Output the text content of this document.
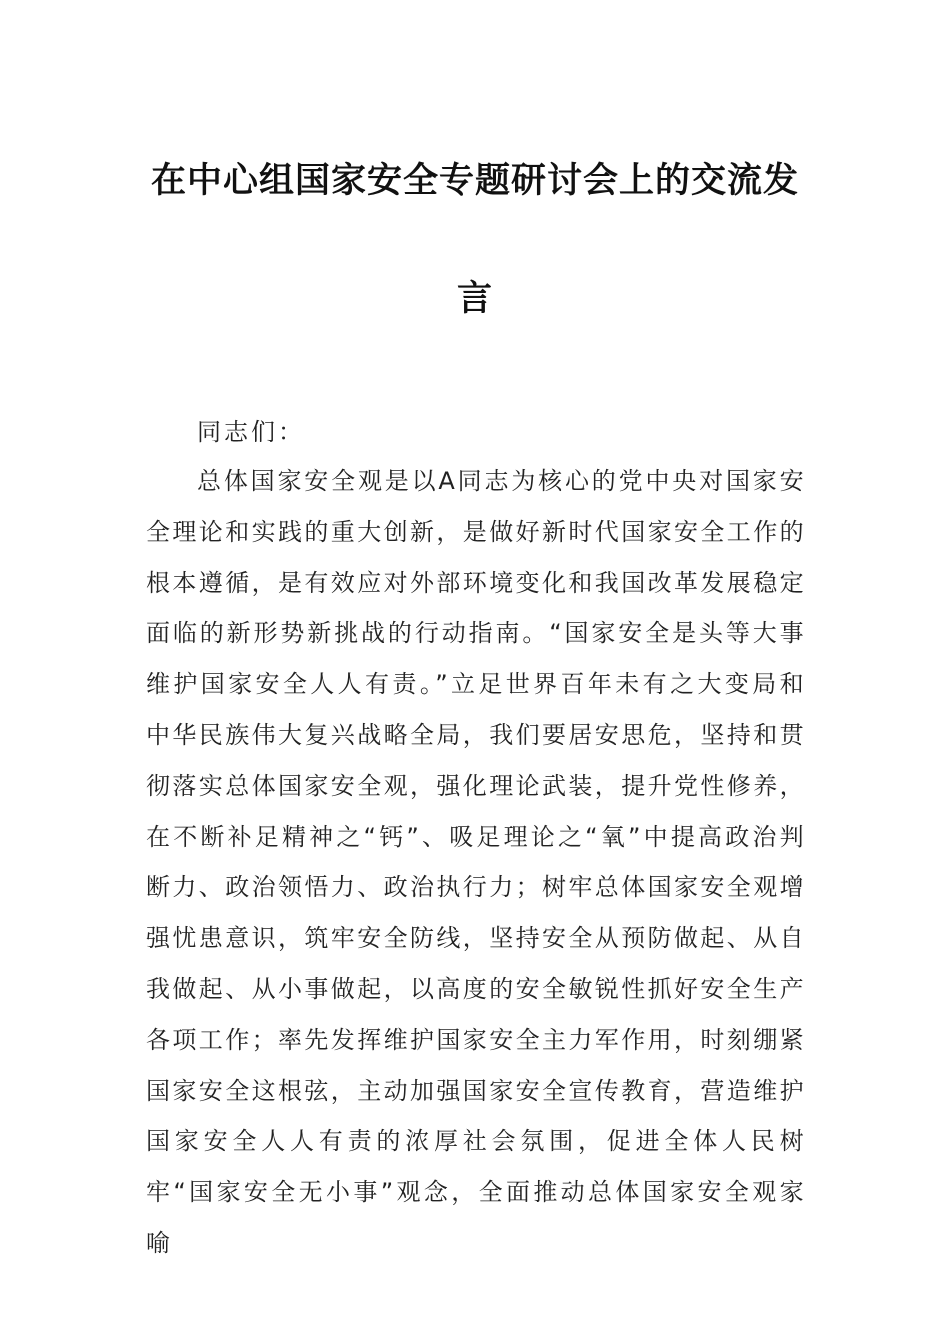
在中心组国家安全专题研讨会上的交流发
言
同志们：

总体国家安全观是以A同志为核心的党中央对国家安全理论和实践的重大创新，是做好新时代国家安全工作的根本遵循，是有效应对外部环境变化和我国改革发展稳定面临的新形势新挑战的行动指南。“国家安全是头等大事维护国家安全人人有责。”立足世界百年未有之大变局和中华民族伟大复兴战略全局，我们要居安思危，坚持和贯彻落实总体国家安全观，强化理论武装，提升党性修养，在不断补足精神之“钙”、吸足理论之“氧”中提高政治判断力、政治领悟力、政治执行力；树牢总体国家安全观增强忧患意识，筑牢安全防线，坚持安全从预防做起、从自我做起、从小事做起，以高度的安全敏锐性抓好安全生产各项工作；率先发挥维护国家安全主力军作用，时刻绷紧国家安全这根弦，主动加强国家安全宣传教育，营造维护国家安全人人有责的浓厚社会氛围，促进全体人民树牢“国家安全无小事”观念，全面推动总体国家安全观家喻
